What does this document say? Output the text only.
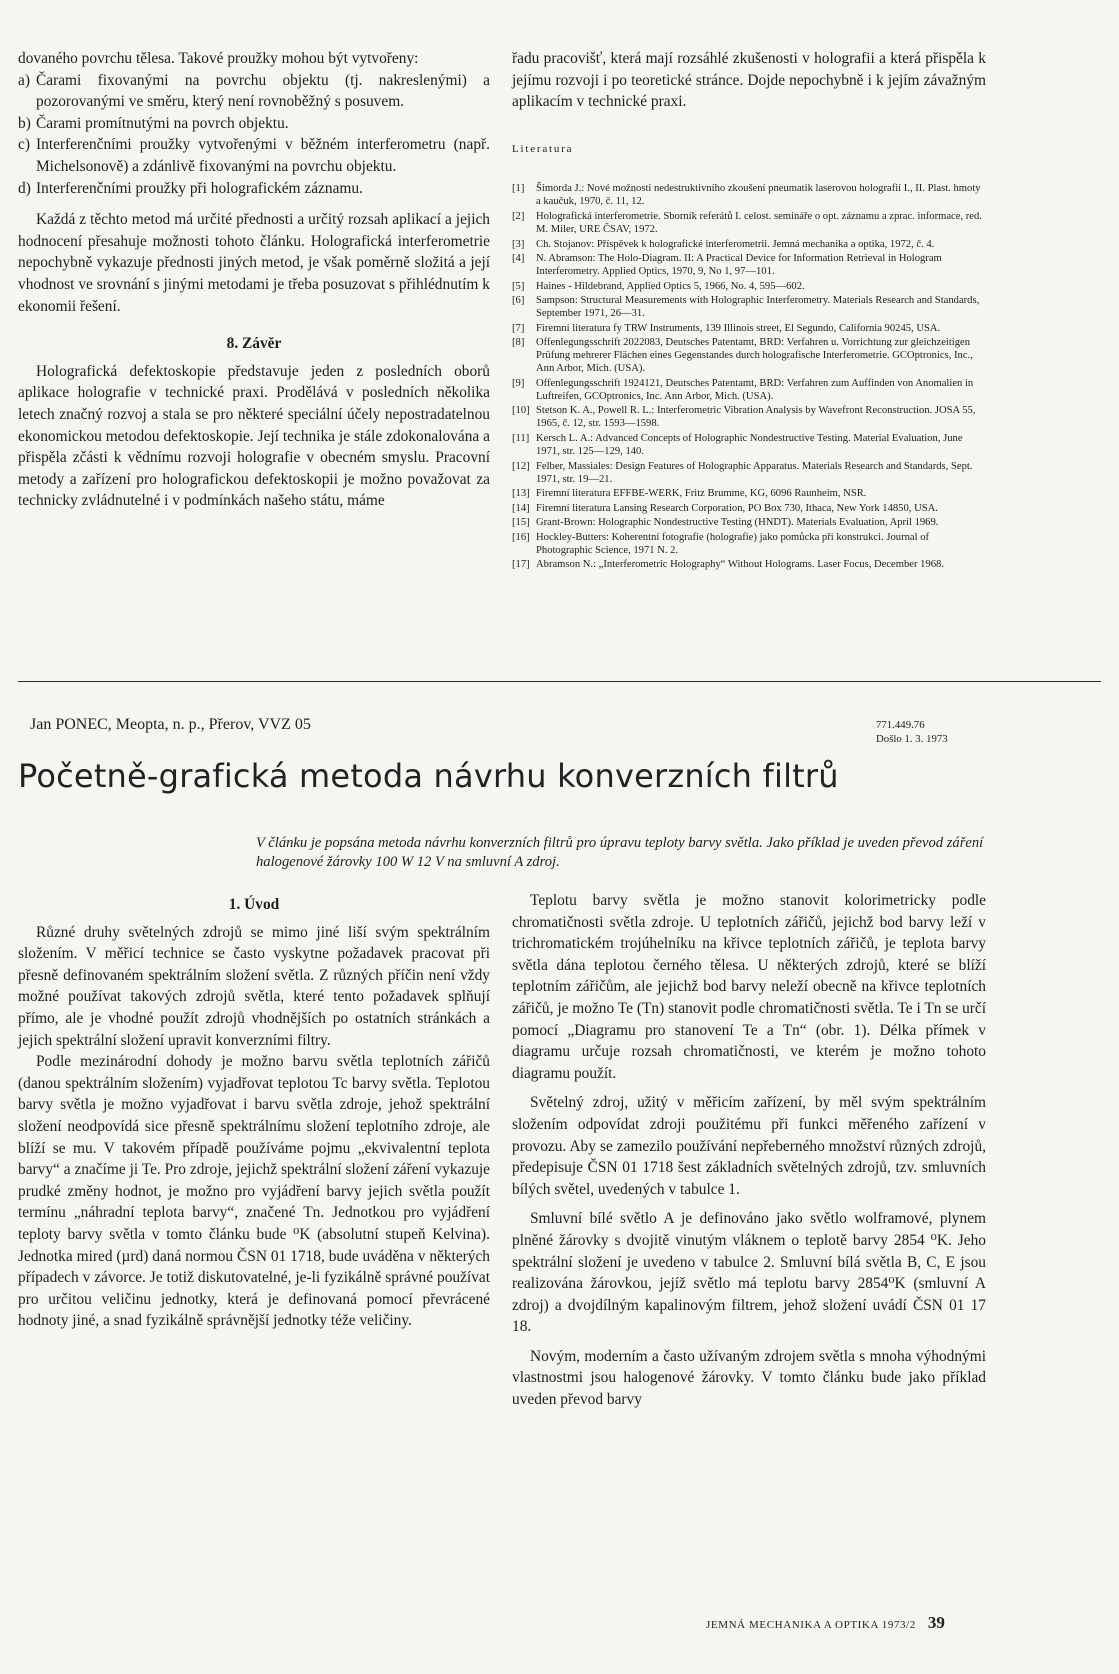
dovaného povrchu tělesa. Takové proužky mohou být vytvořeny:

a) Čarami fixovanými na povrchu objektu (tj. nakreslenými) a pozorovanými ve směru, který není rovnoběžný s posuvem.

b) Čarami promítnutými na povrch objektu.

c) Interferenčními proužky vytvořenými v běžném interferometru (např. Michelsonově) a zdánlivě fixovanými na povrchu objektu.

d) Interferenčními proužky při holografickém záznamu.

Každá z těchto metod má určité přednosti a určitý rozsah aplikací a jejich hodnocení přesahuje možnosti tohoto článku. Holografická interferometrie nepochybně vykazuje přednosti jiných metod, je však poměrně složitá a její vhodnost ve srovnání s jinými metodami je třeba posuzovat s přihlédnutím k ekonomii řešení.

8. Závěr

Holografická defektoskopie představuje jeden z posledních oborů aplikace holografie v technické praxi. Prodělává v posledních několika letech značný rozvoj a stala se pro některé speciální účely nepostradatelnou ekonomickou metodou defektoskopie. Její technika je stále zdokonalována a přispěla zčásti k vědnímu rozvoji holografie v obecném smyslu. Pracovní metody a zařízení pro holografickou defektoskopii je možno považovat za technicky zvládnutelné i v podmínkách našeho státu, máme

řadu pracovišť, která mají rozsáhlé zkušenosti v holografii a která přispěla k jejímu rozvoji i po teoretické stránce. Dojde nepochybně i k jejím závažným aplikacím v technické praxi.

Literatura
[1]	Šimorda J.: Nové možnosti nedestruktivního zkoušení pneumatik laserovou holografií I., II. Plast. hmoty a kaučuk, 1970, č. 11, 12.
[2]	Holografická interferometrie. Sborník referátů I. celost. semináře o opt. záznamu a zprac. informace, red. M. Miler, URE ČSAV, 1972.
[3]	Ch. Stojanov: Příspěvek k holografické interferometrii. Jemná mechanika a optika, 1972, č. 4.
[4]	N. Abramson: The Holo-Diagram. II: A Practical Device for Information Retrieval in Hologram Interferometry. Applied Optics, 1970, 9, No 1, 97—101.
[5]	Haines - Hildebrand, Applied Optics 5, 1966, No. 4, 595—602.
[6]	Sampson: Structural Measurements with Holographic Interferometry. Materials Research and Standards, September 1971, 26—31.
[7]	Firemní literatura fy TRW Instruments, 139 Illinois street, El Segundo, California 90245, USA.
[8]	Offenlegungsschrift 2022083, Deutsches Patentamt, BRD: Verfahren u. Vorrichtung zur gleichzeitigen Prüfung mehrerer Flächen eines Gegenstandes durch holografische Interferometrie. GCOptronics, Inc., Ann Arbor, Mich. (USA).
[9]	Offenlegungsschrift 1924121, Deutsches Patentamt, BRD: Verfahren zum Auffinden von Anomalien in Luftreifen, GCOptronics, Inc. Ann Arbor, Mich. (USA).
[10] Stetson K. A., Powell R. L.: Interferometric Vibration Analysis by Wavefront Reconstruction. JOSA 55, 1965, č. 12, str. 1593—1598.
[11] Kersch L. A.: Advanced Concepts of Holographic Nondestructive Testing. Material Evaluation, June 1971, str. 125—129, 140.
[12] Felber, Massiales: Design Features of Holographic Apparatus. Materials Research and Standards, Sept. 1971, str. 19—21.
[13] Firemní literatura EFFBE-WERK, Fritz Brumme, KG, 6096 Raunheim, NSR.
[14] Firemní literatura Lansing Research Corporation, PO Box 730, Ithaca, New York 14850, USA.
[15] Grant-Brown: Holographic Nondestructive Testing (HNDT). Materials Evaluation, April 1969.
[16] Hockley-Butters: Koherentní fotografie (holografie) jako pomůcka při konstrukci. Journal of Photographic Science, 1971 N. 2.
[17] Abramson N.: „Interferometric Holography“ Without Holograms. Laser Focus, December 1968.
Jan PONEC, Meopta, n. p., Přerov, VVZ 05	771.449.76
Došlo 1. 3. 1973
Početně-grafická metoda návrhu konverzních filtrů
V článku je popsána metoda návrhu konverzních filtrů pro úpravu teploty barvy světla. Jako příklad je uveden převod záření halogenové žárovky 100 W 12 V na smluvní A zdroj.
1. Úvod

Různé druhy světelných zdrojů se mimo jiné liší svým spektrálním složením. V měřicí technice se často vyskytne požadavek pracovat při přesně definovaném spektrálním složení světla. Z různých příčin není vždy možné používat takových zdrojů světla, které tento požadavek splňují přímo, ale je vhodné použít zdrojů vhodnějších po ostatních stránkách a jejich spektrální složení upravit konverzními filtry.

Podle mezinárodní dohody je možno barvu světla teplotních zářičů (danou spektrálním složením) vyjadřovat teplotou Tc barvy světla. Teplotou barvy světla je možno vyjadřovat i barvu světla zdroje, jehož spektrální složení neodpovídá sice přesně spektrálnímu složení teplotního zdroje, ale blíží se mu. V takovém případě používáme pojmu „ekvivalentní teplota barvy“ a značíme ji Te. Pro zdroje, jejichž spektrální složení záření vykazuje prudké změny hodnot, je možno pro vyjádření barvy jejich světla použít termínu „náhradní teplota barvy“, značené Tn. Jednotkou pro vyjádření teploty barvy světla v tomto článku bude ⁰K (absolutní stupeň Kelvina). Jednotka mired (µrd) daná normou ČSN 01 1718, bude uváděna v některých případech v závorce. Je totiž diskutovatelné, je-li fyzikálně správné používat pro určitou veličinu jednotky, která je definovaná pomocí převrácené hodnoty jiné, a snad fyzikálně správnější jednotky téže veličiny.

Teplotu barvy světla je možno stanovit kolorimetricky podle chromatičnosti světla zdroje. U teplotních zářičů, jejichž bod barvy leží v trichromatickém trojúhelníku na křivce teplotních zářičů, je teplota barvy světla dána teplotou černého tělesa. U některých zdrojů, které se blíží teplotním zářičům, ale jejichž bod barvy neleží obecně na křivce teplotních zářičů, je možno Te (Tn) stanovit podle chromatičnosti světla. Te i Tn se určí pomocí „Diagramu pro stanovení Te a Tn“ (obr. 1). Délka přímek v diagramu určuje rozsah chromatičnosti, ve kterém je možno tohoto diagramu použít.

Světelný zdroj, užitý v měřicím zařízení, by měl svým spektrálním složením odpovídat zdroji použitému při funkci měřeného zařízení v provozu. Aby se zamezilo používání nepřeberného množství různých zdrojů, předepisuje ČSN 01 1718 šest základních světelných zdrojů, tzv. smluvních bílých světel, uvedených v tabulce 1.

Smluvní bílé světlo A je definováno jako světlo wolframové, plynem plněné žárovky s dvojitě vinutým vláknem o teplotě barvy 2854 ⁰K. Jeho spektrální složení je uvedeno v tabulce 2. Smluvní bílá světla B, C, E jsou realizována žárovkou, jejíž světlo má teplotu barvy 2854⁰K (smluvní A zdroj) a dvojdílným kapalinovým filtrem, jehož složení uvádí ČSN 01 17 18.

Novým, moderním a často užívaným zdrojem světla s mnoha výhodnými vlastnostmi jsou halogenové žárovky. V tomto článku bude jako příklad uveden převod barvy

JEMNÁ MECHANIKA A OPTIKA 1973/2 39
